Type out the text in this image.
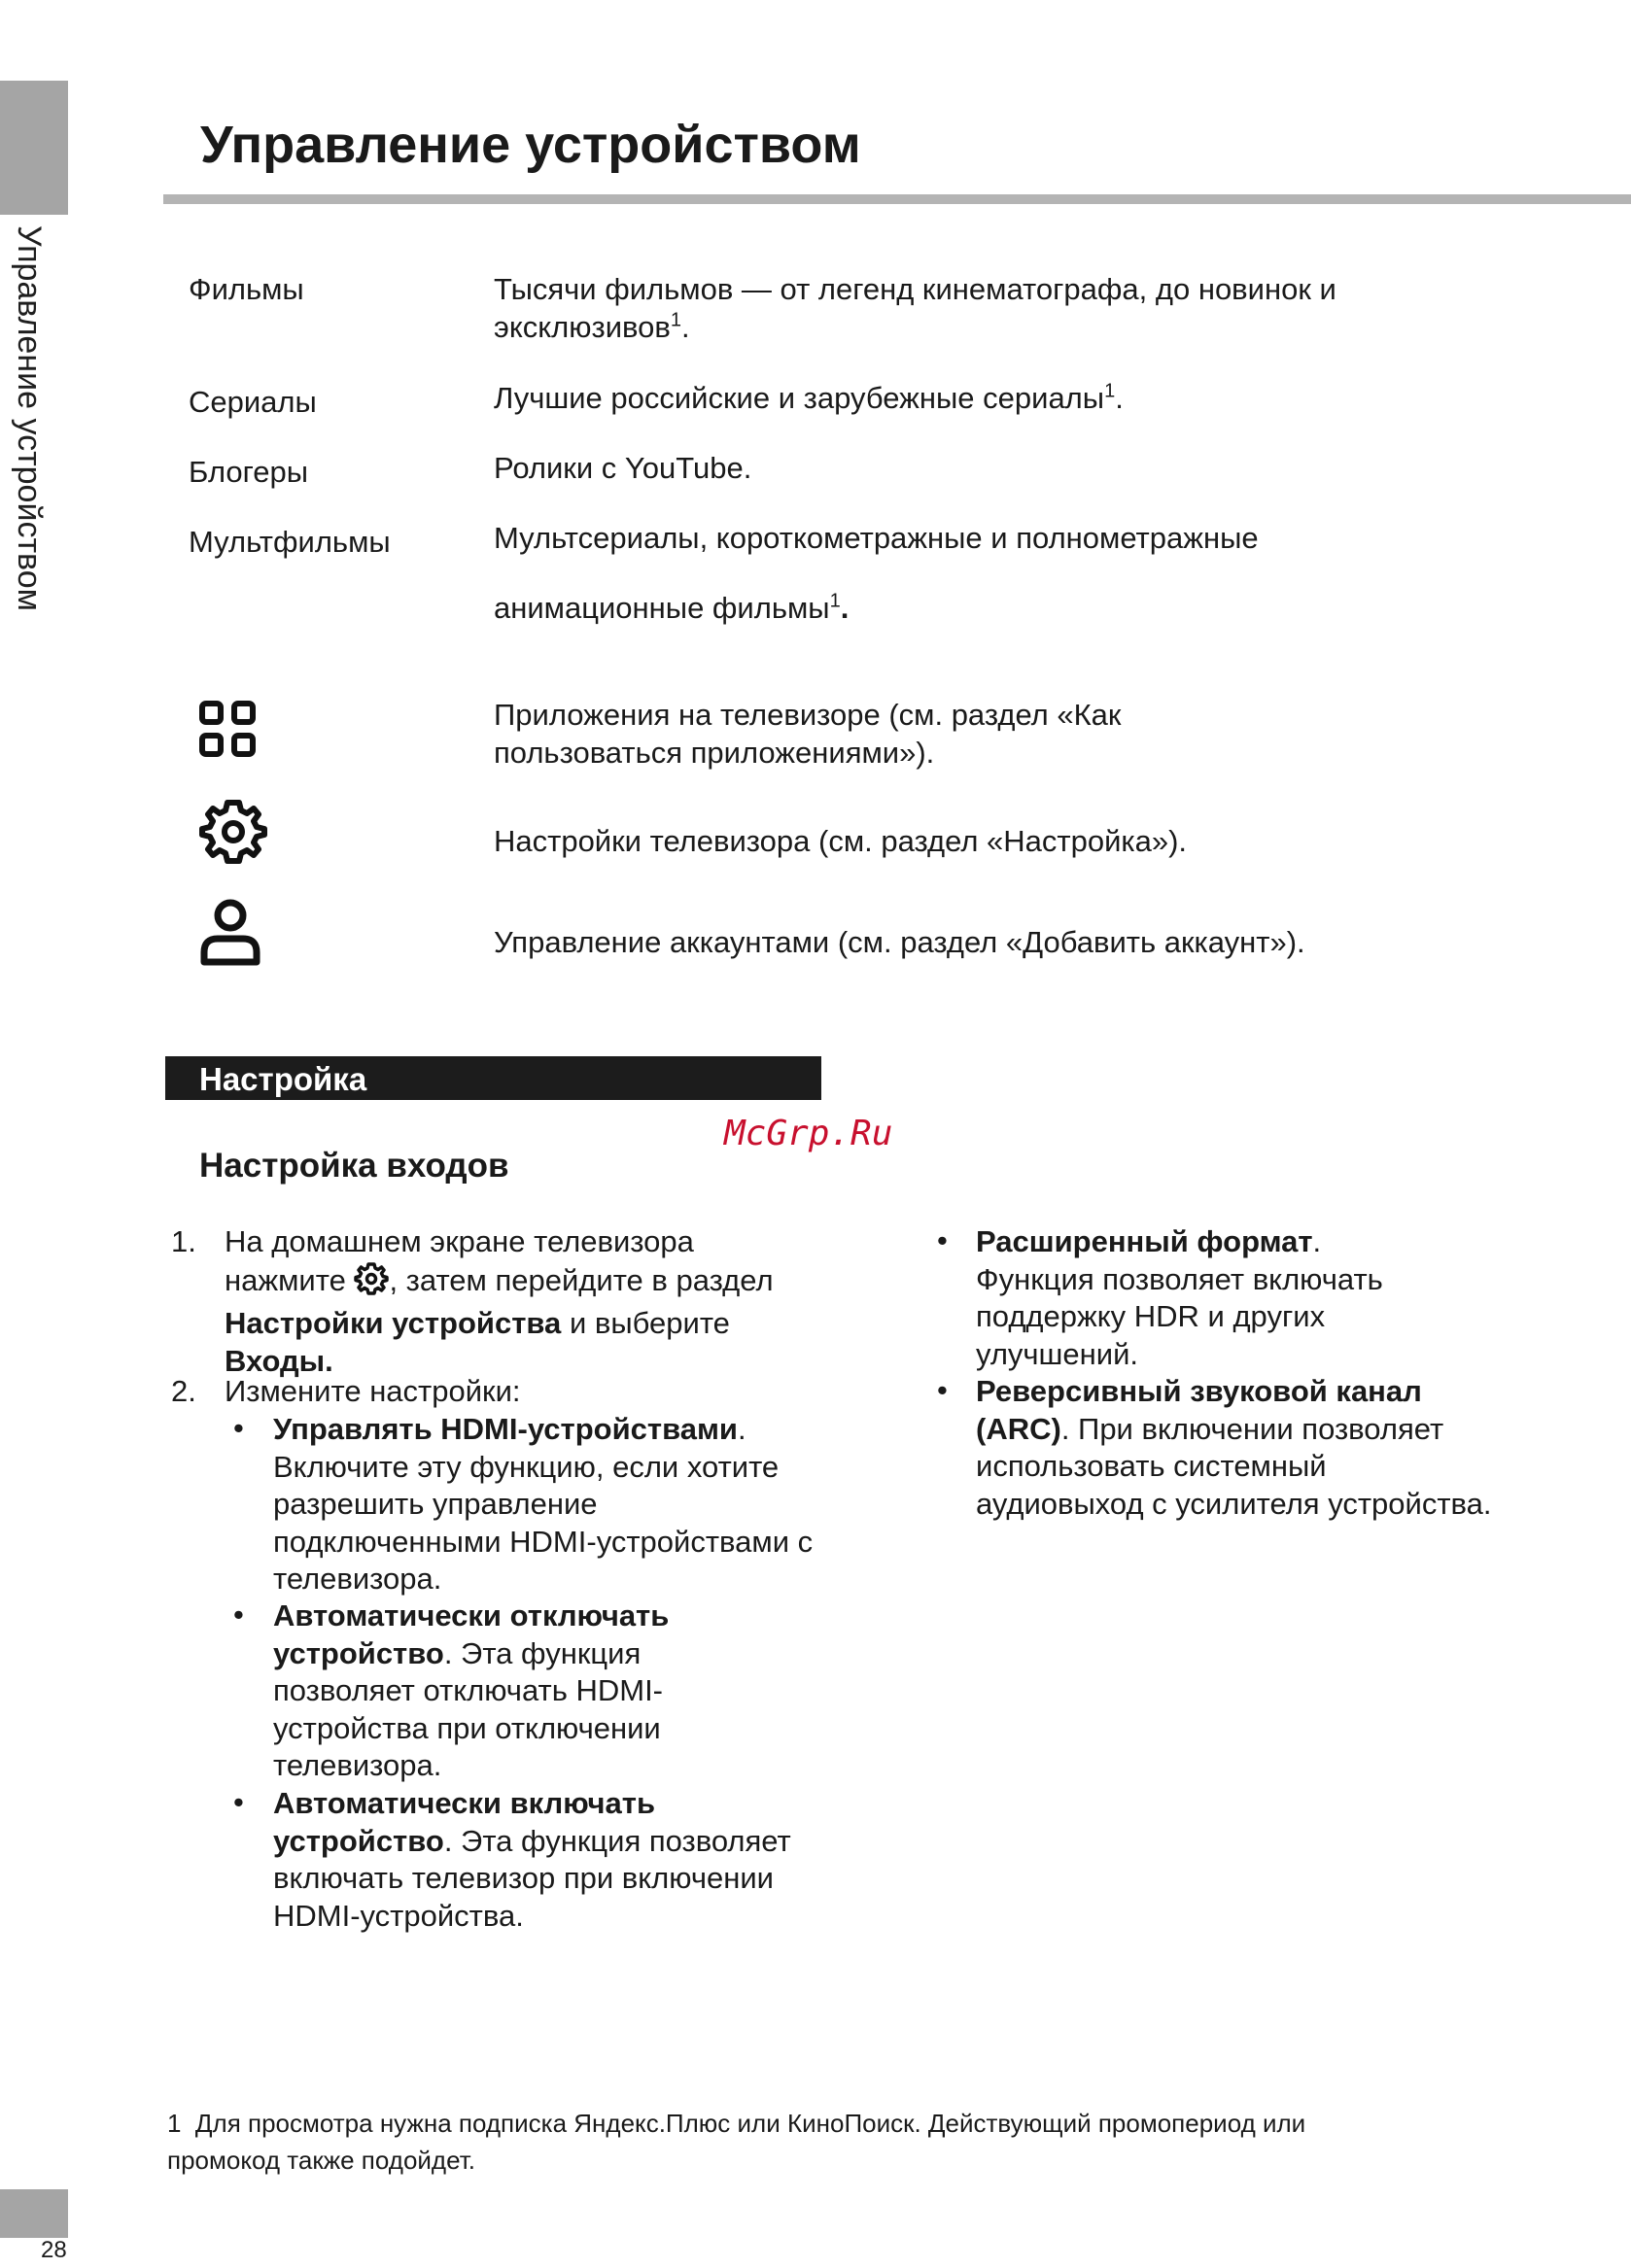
Управление устройством
Управление устройством
Фильмы	Тысячи фильмов — от легенд кинематографа, до новинок и эксклюзивов$^1$.
Сериалы	Лучшие российские и зарубежные сериалы$^1$.
Блогеры	Ролики с YouTube.
Мультфильмы	Мультсериалы, короткометражные и полнометражные
анимационные фильмы$^1$.
Приложения на телевизоре (см. раздел «Как пользоваться приложениями»).
Настройки телевизора (см. раздел «Настройка»).
Управление аккаунтами (см. раздел «Добавить аккаунт»).
Настройка
McGrp.Ru
Настройка входов
1. На домашнем экране телевизора нажмите , затем перейдите в раздел Настройки устройства и выберите Входы.
2. Измените настройки:
• Управлять HDMI-устройствами. Включите эту функцию, если хотите разрешить управление подключенными HDMI-устройствами с телевизора.
• Автоматически отключать устройство. Эта функция позволяет отключать HDMI-устройства при отключении телевизора.
• Автоматически включать устройство. Эта функция позволяет включать телевизор при включении HDMI-устройства.
• Расширенный формат. Функция позволяет включать поддержку HDR и других улучшений.
• Реверсивный звуковой канал (ARC). При включении позволяет использовать системный аудиовыход с усилителя устройства.
1 Для просмотра нужна подписка Яндекс.Плюс или КиноПоиск. Действующий промопериод или промокод также подойдет.
28
